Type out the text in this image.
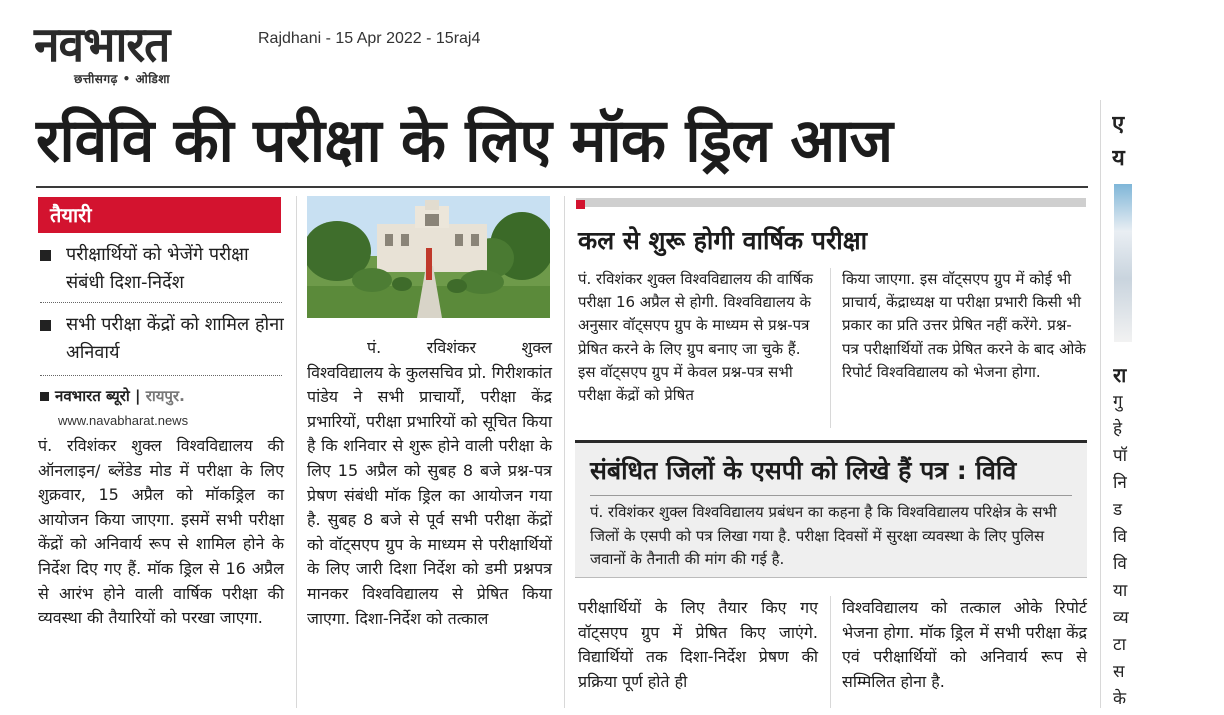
नवभारत
छत्तीसगढ़ • ओडिशा
Rajdhani - 15 Apr 2022 - 15raj4
रविवि की परीक्षा के लिए मॉक ड्रिल आज	ए
य
रा
गु
हे
पॉ
नि
ड
वि
वि
या
व्य
टा
स
के
तैयारी
परीक्षार्थियों को भेजेंगे परीक्षा संबंधी दिशा-निर्देश
सभी परीक्षा केंद्रों को शामिल होना अनिवार्य
नवभारत ब्यूरो | रायपुर.
www.navabharat.news
पं. रविशंकर शुक्ल विश्वविद्यालय की ऑनलाइन/ ब्लेंडेड मोड में परीक्षा के लिए शुक्रवार, 15 अप्रैल को मॉकड्रिल का आयोजन किया जाएगा. इसमें सभी परीक्षा केंद्रों को अनिवार्य रूप से शामिल होने के निर्देश दिए गए हैं. मॉक ड्रिल से 16 अप्रैल से आरंभ होने वाली वार्षिक परीक्षा की व्यवस्था की तैयारियों को परखा जाएगा.
पं. रविशंकर शुक्ल विश्वविद्यालय के कुलसचिव प्रो. गिरीशकांत पांडेय ने सभी प्राचार्यों, परीक्षा केंद्र प्रभारियों, परीक्षा प्रभारियों को सूचित किया है कि शनिवार से शुरू होने वाली परीक्षा के लिए 15 अप्रैल को सुबह 8 बजे प्रश्न-पत्र प्रेषण संबंधी मॉक ड्रिल का आयोजन गया है. सुबह 8 बजे से पूर्व सभी परीक्षा केंद्रों को वॉट्सएप ग्रुप के माध्यम से परीक्षार्थियों के लिए जारी दिशा निर्देश को डमी प्रश्नपत्र मानकर विश्वविद्यालय से प्रेषित किया जाएगा. दिशा-निर्देश को तत्काल
कल से शुरू होगी वार्षिक परीक्षा
पं. रविशंकर शुक्ल विश्वविद्यालय की वार्षिक परीक्षा 16 अप्रैल से होगी. विश्वविद्यालय के अनुसार वॉट्सएप ग्रुप के माध्यम से प्रश्न-पत्र प्रेषित करने के लिए ग्रुप बनाए जा चुके हैं. इस वॉट्सएप ग्रुप में केवल प्रश्न-पत्र सभी परीक्षा केंद्रों को प्रेषित
किया जाएगा. इस वॉट्सएप ग्रुप में कोई भी प्राचार्य, केंद्राध्यक्ष या परीक्षा प्रभारी किसी भी प्रकार का प्रति उत्तर प्रेषित नहीं करेंगे. प्रश्न-पत्र परीक्षार्थियों तक प्रेषित करने के बाद ओके रिपोर्ट विश्वविद्यालय को भेजना होगा.
संबंधित जिलों के एसपी को लिखे हैं पत्र : विवि
पं. रविशंकर शुक्ल विश्वविद्यालय प्रबंधन का कहना है कि विश्वविद्यालय परिक्षेत्र के सभी जिलों के एसपी को पत्र लिखा गया है. परीक्षा दिवसों में सुरक्षा व्यवस्था के लिए पुलिस जवानों के तैनाती की मांग की गई है.
परीक्षार्थियों के लिए तैयार किए गए वॉट्सएप ग्रुप में प्रेषित किए जाएंगे. विद्यार्थियों तक दिशा-निर्देश प्रेषण की प्रक्रिया पूर्ण होते ही
विश्वविद्यालय को तत्काल ओके रिपोर्ट भेजना होगा. मॉक ड्रिल में सभी परीक्षा केंद्र एवं परीक्षार्थियों को अनिवार्य रूप से सम्मिलित होना है.
